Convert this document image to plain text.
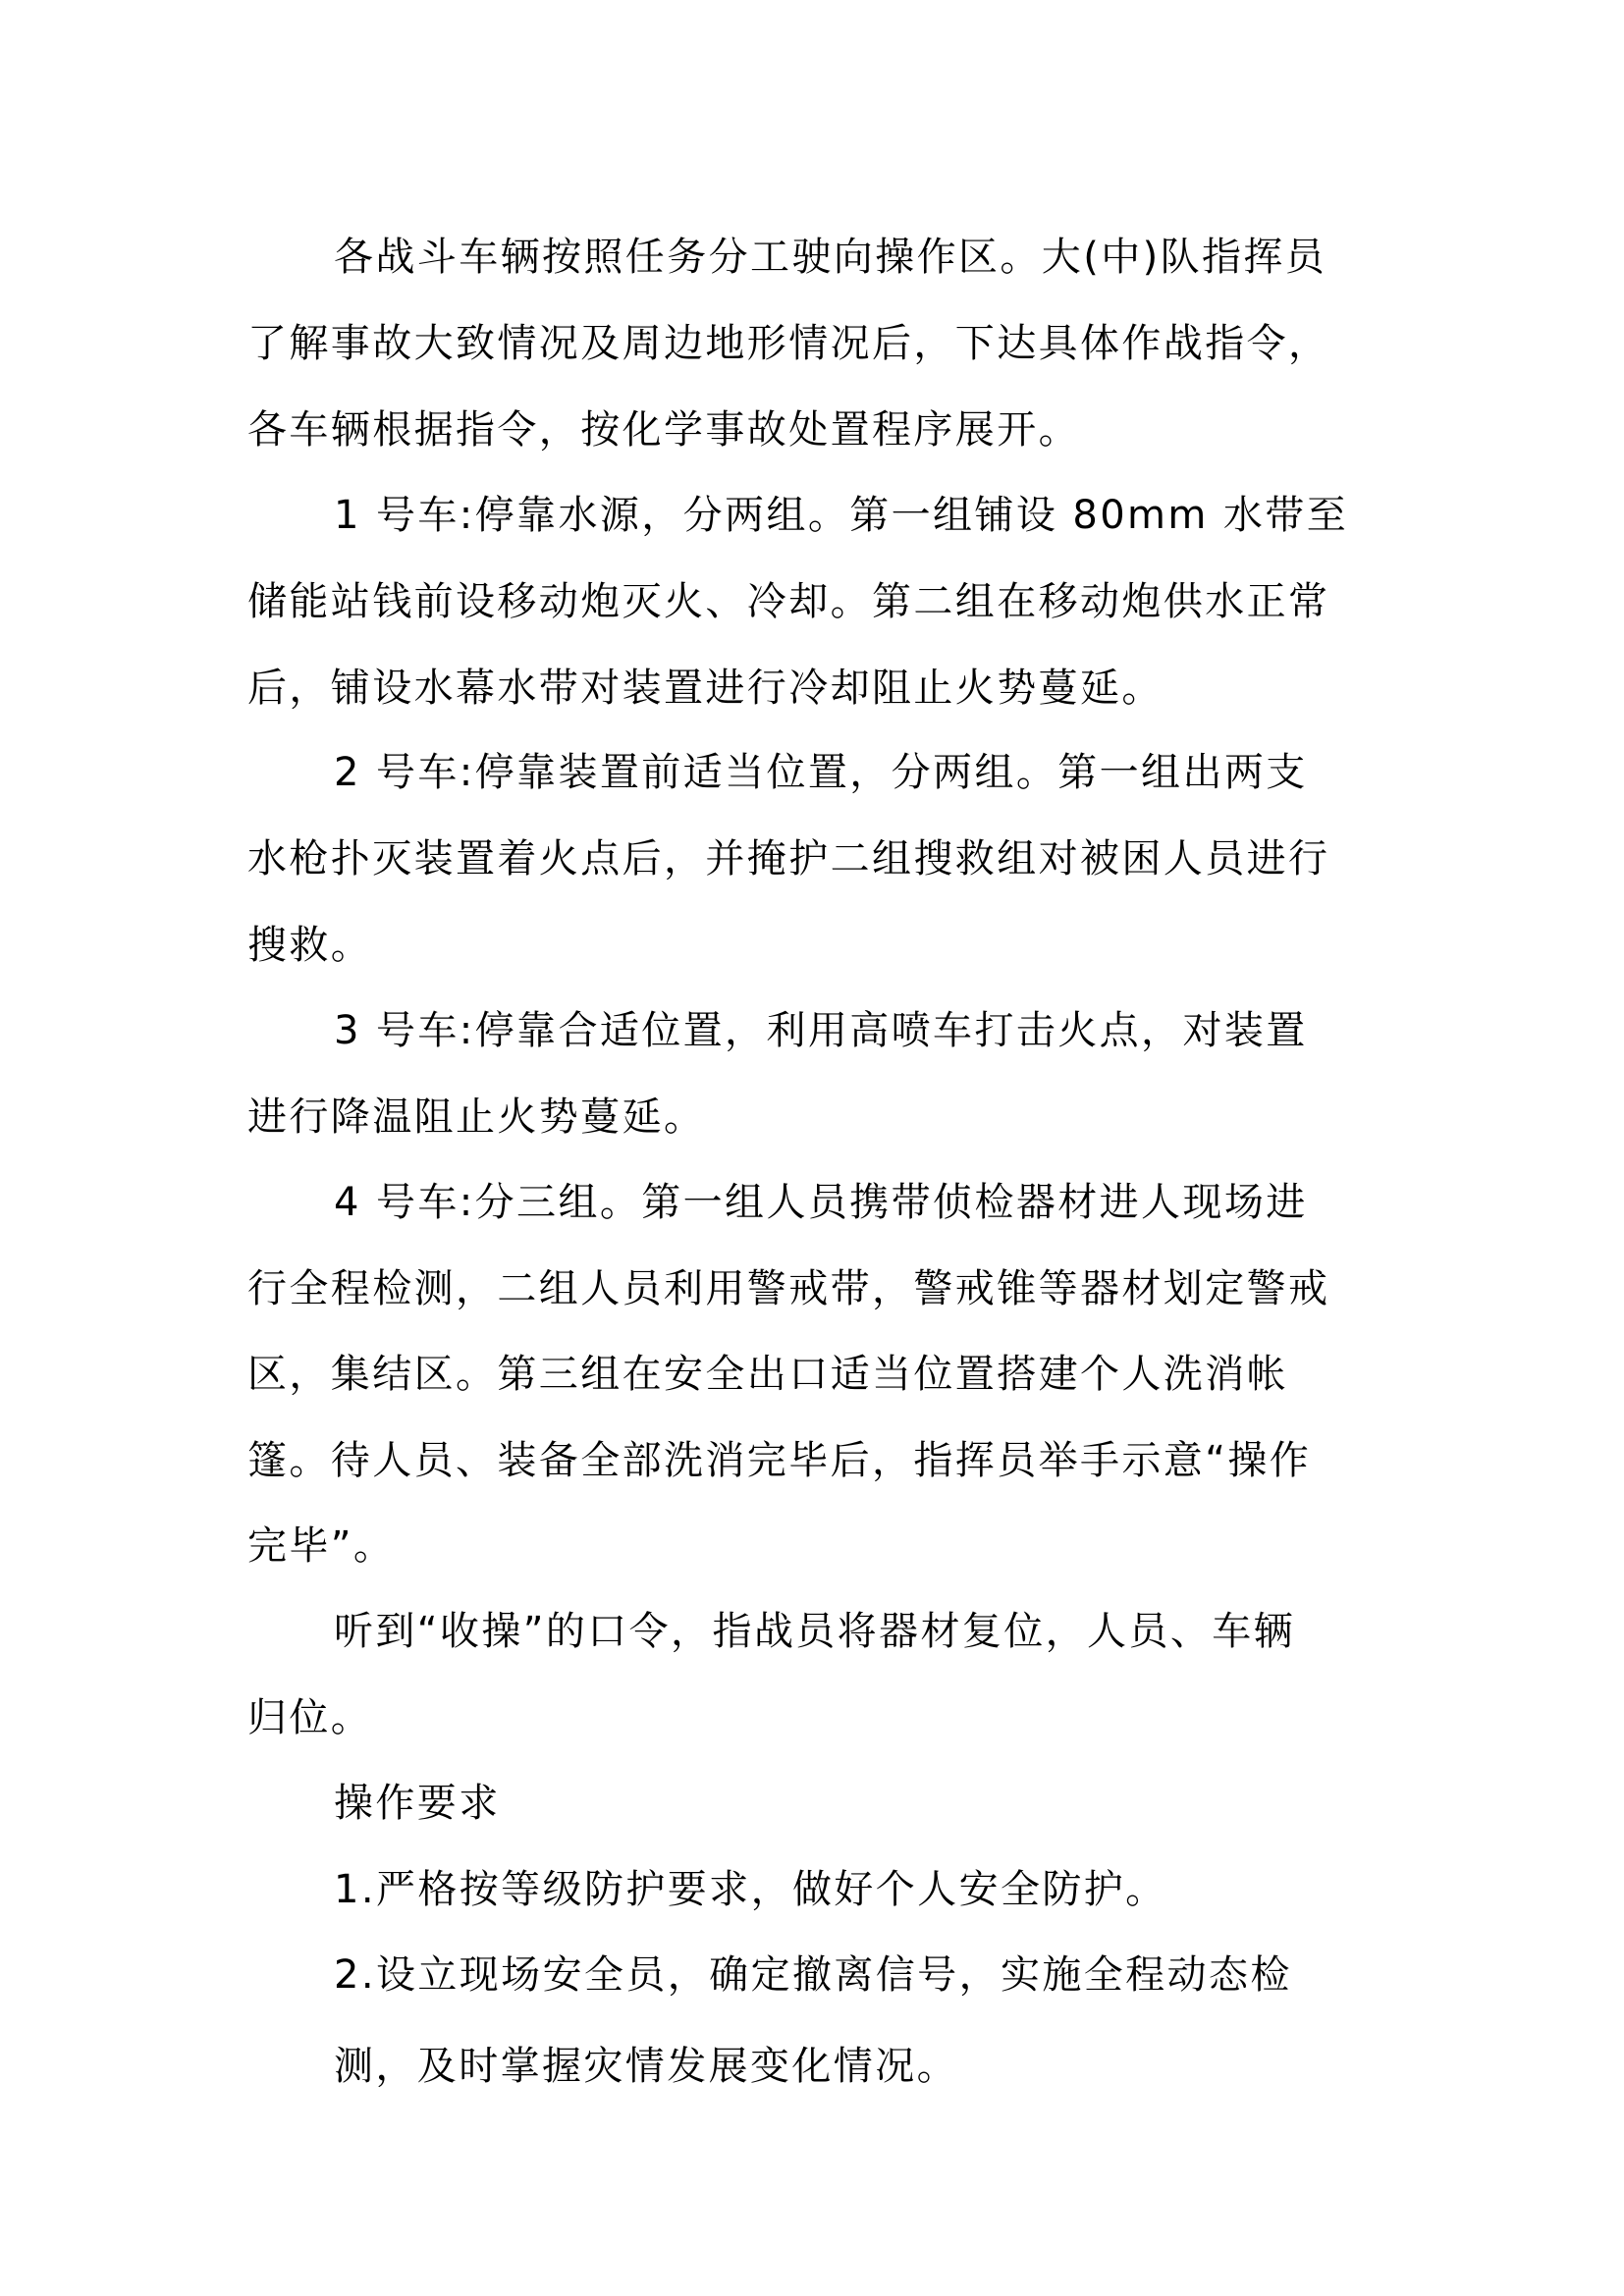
各战斗车辆按照任务分工驶向操作区。大(中)队指挥员
了解事故大致情况及周边地形情况后，下达具体作战指令，
各车辆根据指令，按化学事故处置程序展开。
1 号车:停靠水源，分两组。第一组铺设 80mm 水带至
储能站钱前设移动炮灭火、冷却。第二组在移动炮供水正常
后，铺设水幕水带对装置进行冷却阻止火势蔓延。
2 号车:停靠装置前适当位置，分两组。第一组出两支
水枪扑灭装置着火点后，并掩护二组搜救组对被困人员进行
搜救。
3 号车:停靠合适位置，利用高喷车打击火点，对装置
进行降温阻止火势蔓延。
4 号车:分三组。第一组人员携带侦检器材进人现场进
行全程检测，二组人员利用警戒带，警戒锥等器材划定警戒
区，集结区。第三组在安全出口适当位置搭建个人洗消帐
篷。待人员、装备全部洗消完毕后，指挥员举手示意“操作
完毕”。
听到“收操”的口令，指战员将器材复位，人员、车辆
归位。
操作要求
1.严格按等级防护要求，做好个人安全防护。
2.设立现场安全员，确定撤离信号，实施全程动态检
测，及时掌握灾情发展变化情况。
